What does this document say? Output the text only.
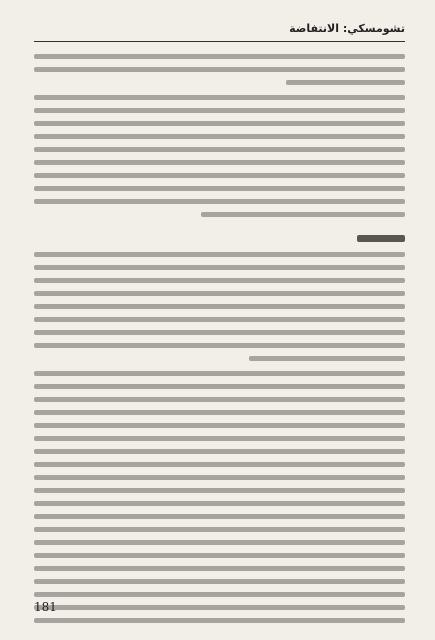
تشومسكي: الانتفاضة
181
